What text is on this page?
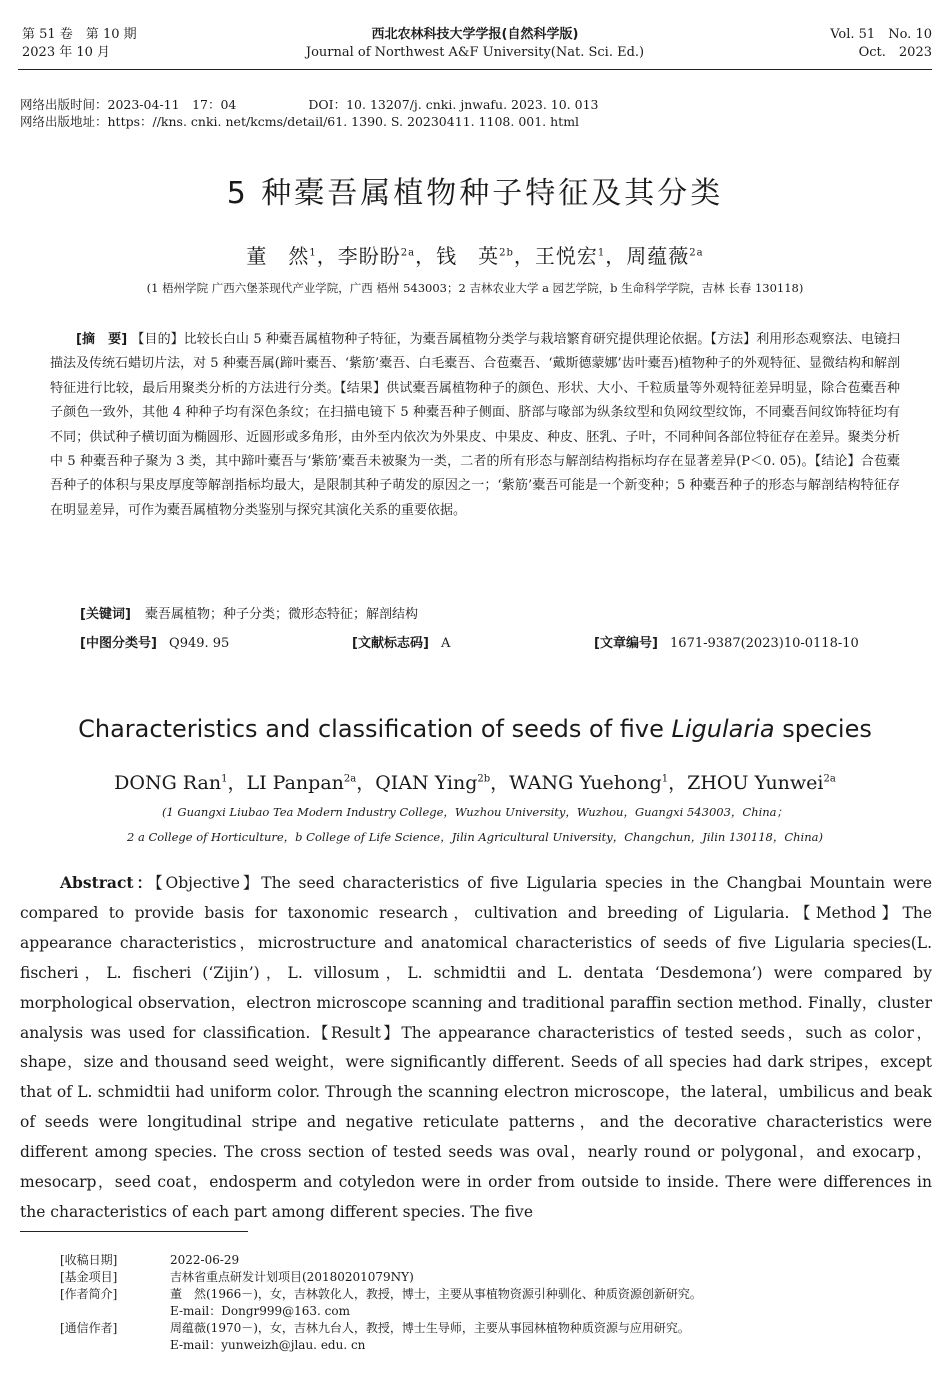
第 51 卷　第 10 期
2023 年 10 月
西北农林科技大学学报(自然科学版)
Journal of Northwest A&F University(Nat. Sci. Ed.)
Vol. 51　No. 10
Oct.　2023
网络出版时间：2023-04-11　17：04	DOI：10. 13207/j. cnki. jnwafu. 2023. 10. 013
网络出版地址：https：//kns. cnki. net/kcms/detail/61. 1390. S. 20230411. 1108. 001. html
5 种橐吾属植物种子特征及其分类
董　然$^1$，李盼盼$^{2a}$，钱　英$^{2b}$，王悦宏$^1$，周蕴薇$^{2a}$
(1 梧州学院 广西六堡茶现代产业学院，广西 梧州 543003；2 吉林农业大学 a 园艺学院，b 生命科学学院，吉林 长春 130118)
[摘　要] 【目的】比较长白山 5 种橐吾属植物种子特征，为橐吾属植物分类学与栽培繁育研究提供理论依据。【方法】利用形态观察法、电镜扫描法及传统石蜡切片法，对 5 种橐吾属(蹄叶橐吾、‘紫筋’橐吾、白毛橐吾、合苞橐吾、‘戴斯德蒙娜’齿叶橐吾)植物种子的外观特征、显微结构和解剖特征进行比较，最后用聚类分析的方法进行分类。【结果】供试橐吾属植物种子的颜色、形状、大小、千粒质量等外观特征差异明显，除合苞橐吾种子颜色一致外，其他 4 种种子均有深色条纹；在扫描电镜下 5 种橐吾种子侧面、脐部与喙部为纵条纹型和负网纹型纹饰，不同橐吾间纹饰特征均有不同；供试种子横切面为椭圆形、近圆形或多角形，由外至内依次为外果皮、中果皮、种皮、胚乳、子叶，不同种间各部位特征存在差异。聚类分析中 5 种橐吾种子聚为 3 类，其中蹄叶橐吾与‘紫筋’橐吾未被聚为一类，二者的所有形态与解剖结构指标均存在显著差异(P＜0. 05)。【结论】合苞橐吾种子的体积与果皮厚度等解剖指标均最大，是限制其种子萌发的原因之一；‘紫筋’橐吾可能是一个新变种；5 种橐吾种子的形态与解剖结构特征存在明显差异，可作为橐吾属植物分类鉴别与探究其演化关系的重要依据。
[关键词] 橐吾属植物；种子分类；微形态特征；解剖结构
[中图分类号] Q949. 95	[文献标志码] A	[文章编号] 1671-9387(2023)10-0118-10
Characteristics and classification of seeds of five Ligularia species
DONG Ran$^1$，LI Panpan$^{2a}$，QIAN Ying$^{2b}$，WANG Yuehong$^1$，ZHOU Yunwei$^{2a}$
(1 Guangxi Liubao Tea Modern Industry College，Wuzhou University，Wuzhou，Guangxi 543003，China；
2 a College of Horticulture，b College of Life Science，Jilin Agricultural University，Changchun，Jilin 130118，China)
Abstract：【Objective】The seed characteristics of five Ligularia species in the Changbai Mountain were compared to provide basis for taxonomic research，cultivation and breeding of Ligularia.【Method】The appearance characteristics，microstructure and anatomical characteristics of seeds of five Ligularia species(L. fischeri，L. fischeri (‘Zijin’)，L. villosum，L. schmidtii and L. dentata ‘Desdemona’) were compared by morphological observation，electron microscope scanning and traditional paraffin section method. Finally，cluster analysis was used for classification.【Result】The appearance characteristics of tested seeds，such as color，shape，size and thousand seed weight，were significantly different. Seeds of all species had dark stripes，except that of L. schmidtii had uniform color. Through the scanning electron microscope，the lateral，umbilicus and beak of seeds were longitudinal stripe and negative reticulate patterns，and the decorative characteristics were different among species. The cross section of tested seeds was oval，nearly round or polygonal，and exocarp，mesocarp，seed coat，endosperm and cotyledon were in order from outside to inside. There were differences in the characteristics of each part among different species. The five
[收稿日期]	2022-06-29
[基金项目]	吉林省重点研发计划项目(20180201079NY)
[作者简介]	董　然(1966－)，女，吉林敦化人，教授，博士，主要从事植物资源引种驯化、种质资源创新研究。
E-mail：Dongr999@163. com
[通信作者]	周蕴薇(1970－)，女，吉林九台人，教授，博士生导师，主要从事园林植物种质资源与应用研究。
E-mail：yunweizh@jlau. edu. cn
